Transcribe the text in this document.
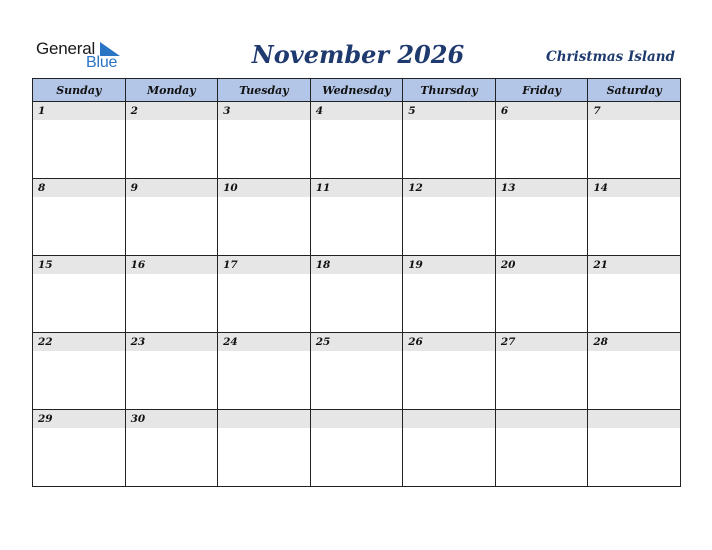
General
Blue	November 2026	Christmas Island
Sunday	Monday	Tuesday	Wednesday	Thursday	Friday	Saturday

1	2	3	4	5	6	7

8	9	10	11	12	13	14

15	16	17	18	19	20	21

22	23	24	25	26	27	28

29	30					
